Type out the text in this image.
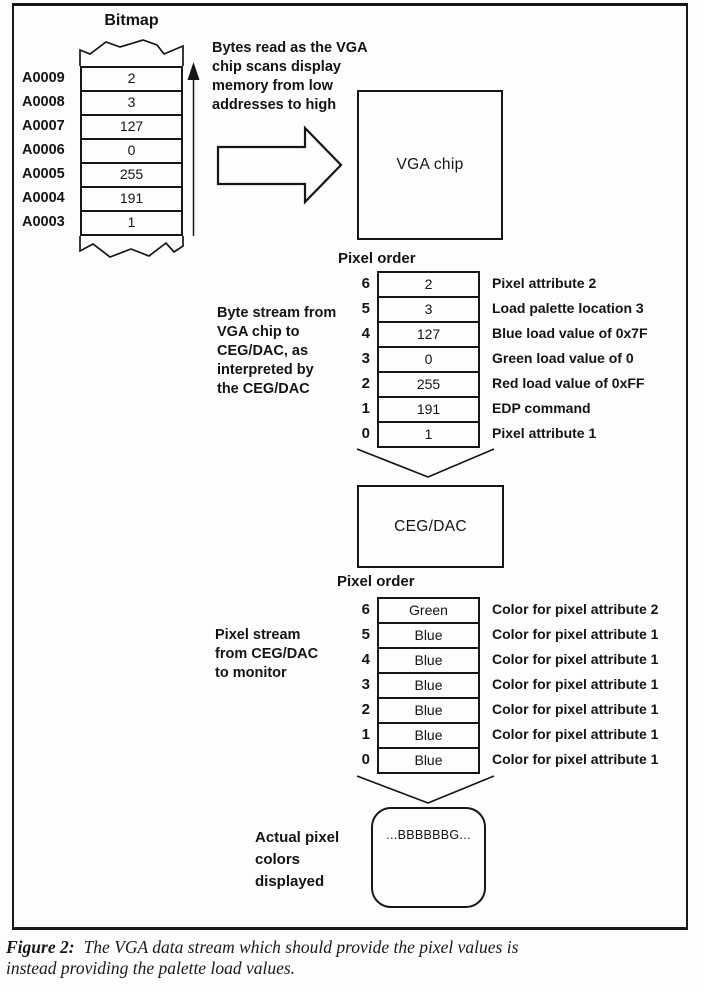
Bitmap
A0009
A0008
A0007
A0006
A0005
A0004
A0003
2
3
127
0
255
191
1
Bytes read as the VGA
chip scans display
memory from low
addresses to high
VGA chip
Pixel order
Byte stream from
VGA chip to
CEG/DAC, as
interpreted by
the CEG/DAC
6
5
4
3
2
1
0
2
3
127
0
255
191
1
Pixel attribute 2
Load palette location 3
Blue load value of 0x7F
Green load value of 0
Red load value of 0xFF
EDP command
Pixel attribute 1
CEG/DAC
Pixel order
Pixel stream
from CEG/DAC
to monitor
6
5
4
3
2
1
0
Green
Blue
Blue
Blue
Blue
Blue
Blue
Color for pixel attribute 2
Color for pixel attribute 1
Color for pixel attribute 1
Color for pixel attribute 1
Color for pixel attribute 1
Color for pixel attribute 1
Color for pixel attribute 1
Actual pixel
colors
displayed
...BBBBBBG...
Figure 2: The VGA data stream which should provide the pixel values is
instead providing the palette load values.
